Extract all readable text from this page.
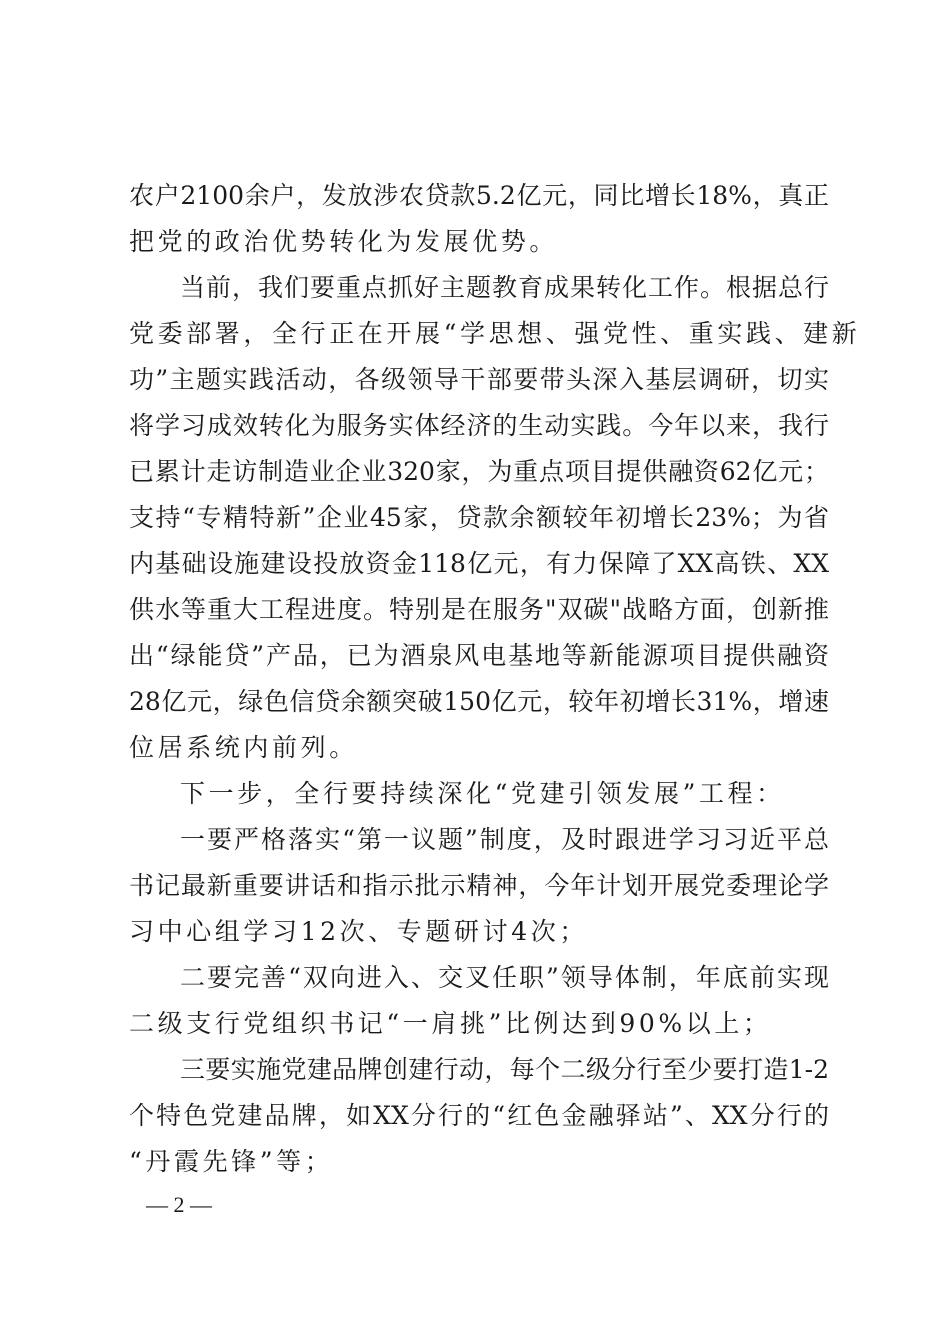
农户2100余户，发放涉农贷款5.2亿元，同比增长18%，真正
把党的政治优势转化为发展优势。
当前，我们要重点抓好主题教育成果转化工作。根据总行
党委部署，全行正在开展“学思想、强党性、重实践、建新
功”主题实践活动，各级领导干部要带头深入基层调研，切实
将学习成效转化为服务实体经济的生动实践。今年以来，我行
已累计走访制造业企业320家，为重点项目提供融资62亿元；
支持“专精特新”企业45家，贷款余额较年初增长23%；为省
内基础设施建设投放资金118亿元，有力保障了XX高铁、XX
供水等重大工程进度。特别是在服务"双碳"战略方面，创新推
出“绿能贷”产品，已为酒泉风电基地等新能源项目提供融资
28亿元，绿色信贷余额突破150亿元，较年初增长31%，增速
位居系统内前列。
下一步，全行要持续深化“党建引领发展”工程：
一要严格落实“第一议题”制度，及时跟进学习习近平总
书记最新重要讲话和指示批示精神，今年计划开展党委理论学
习中心组学习12次、专题研讨4次；
二要完善“双向进入、交叉任职”领导体制，年底前实现
二级支行党组织书记“一肩挑”比例达到90%以上；
三要实施党建品牌创建行动，每个二级分行至少要打造1-2
个特色党建品牌，如XX分行的“红色金融驿站”、XX分行的
“丹霞先锋”等；
— 2 —
